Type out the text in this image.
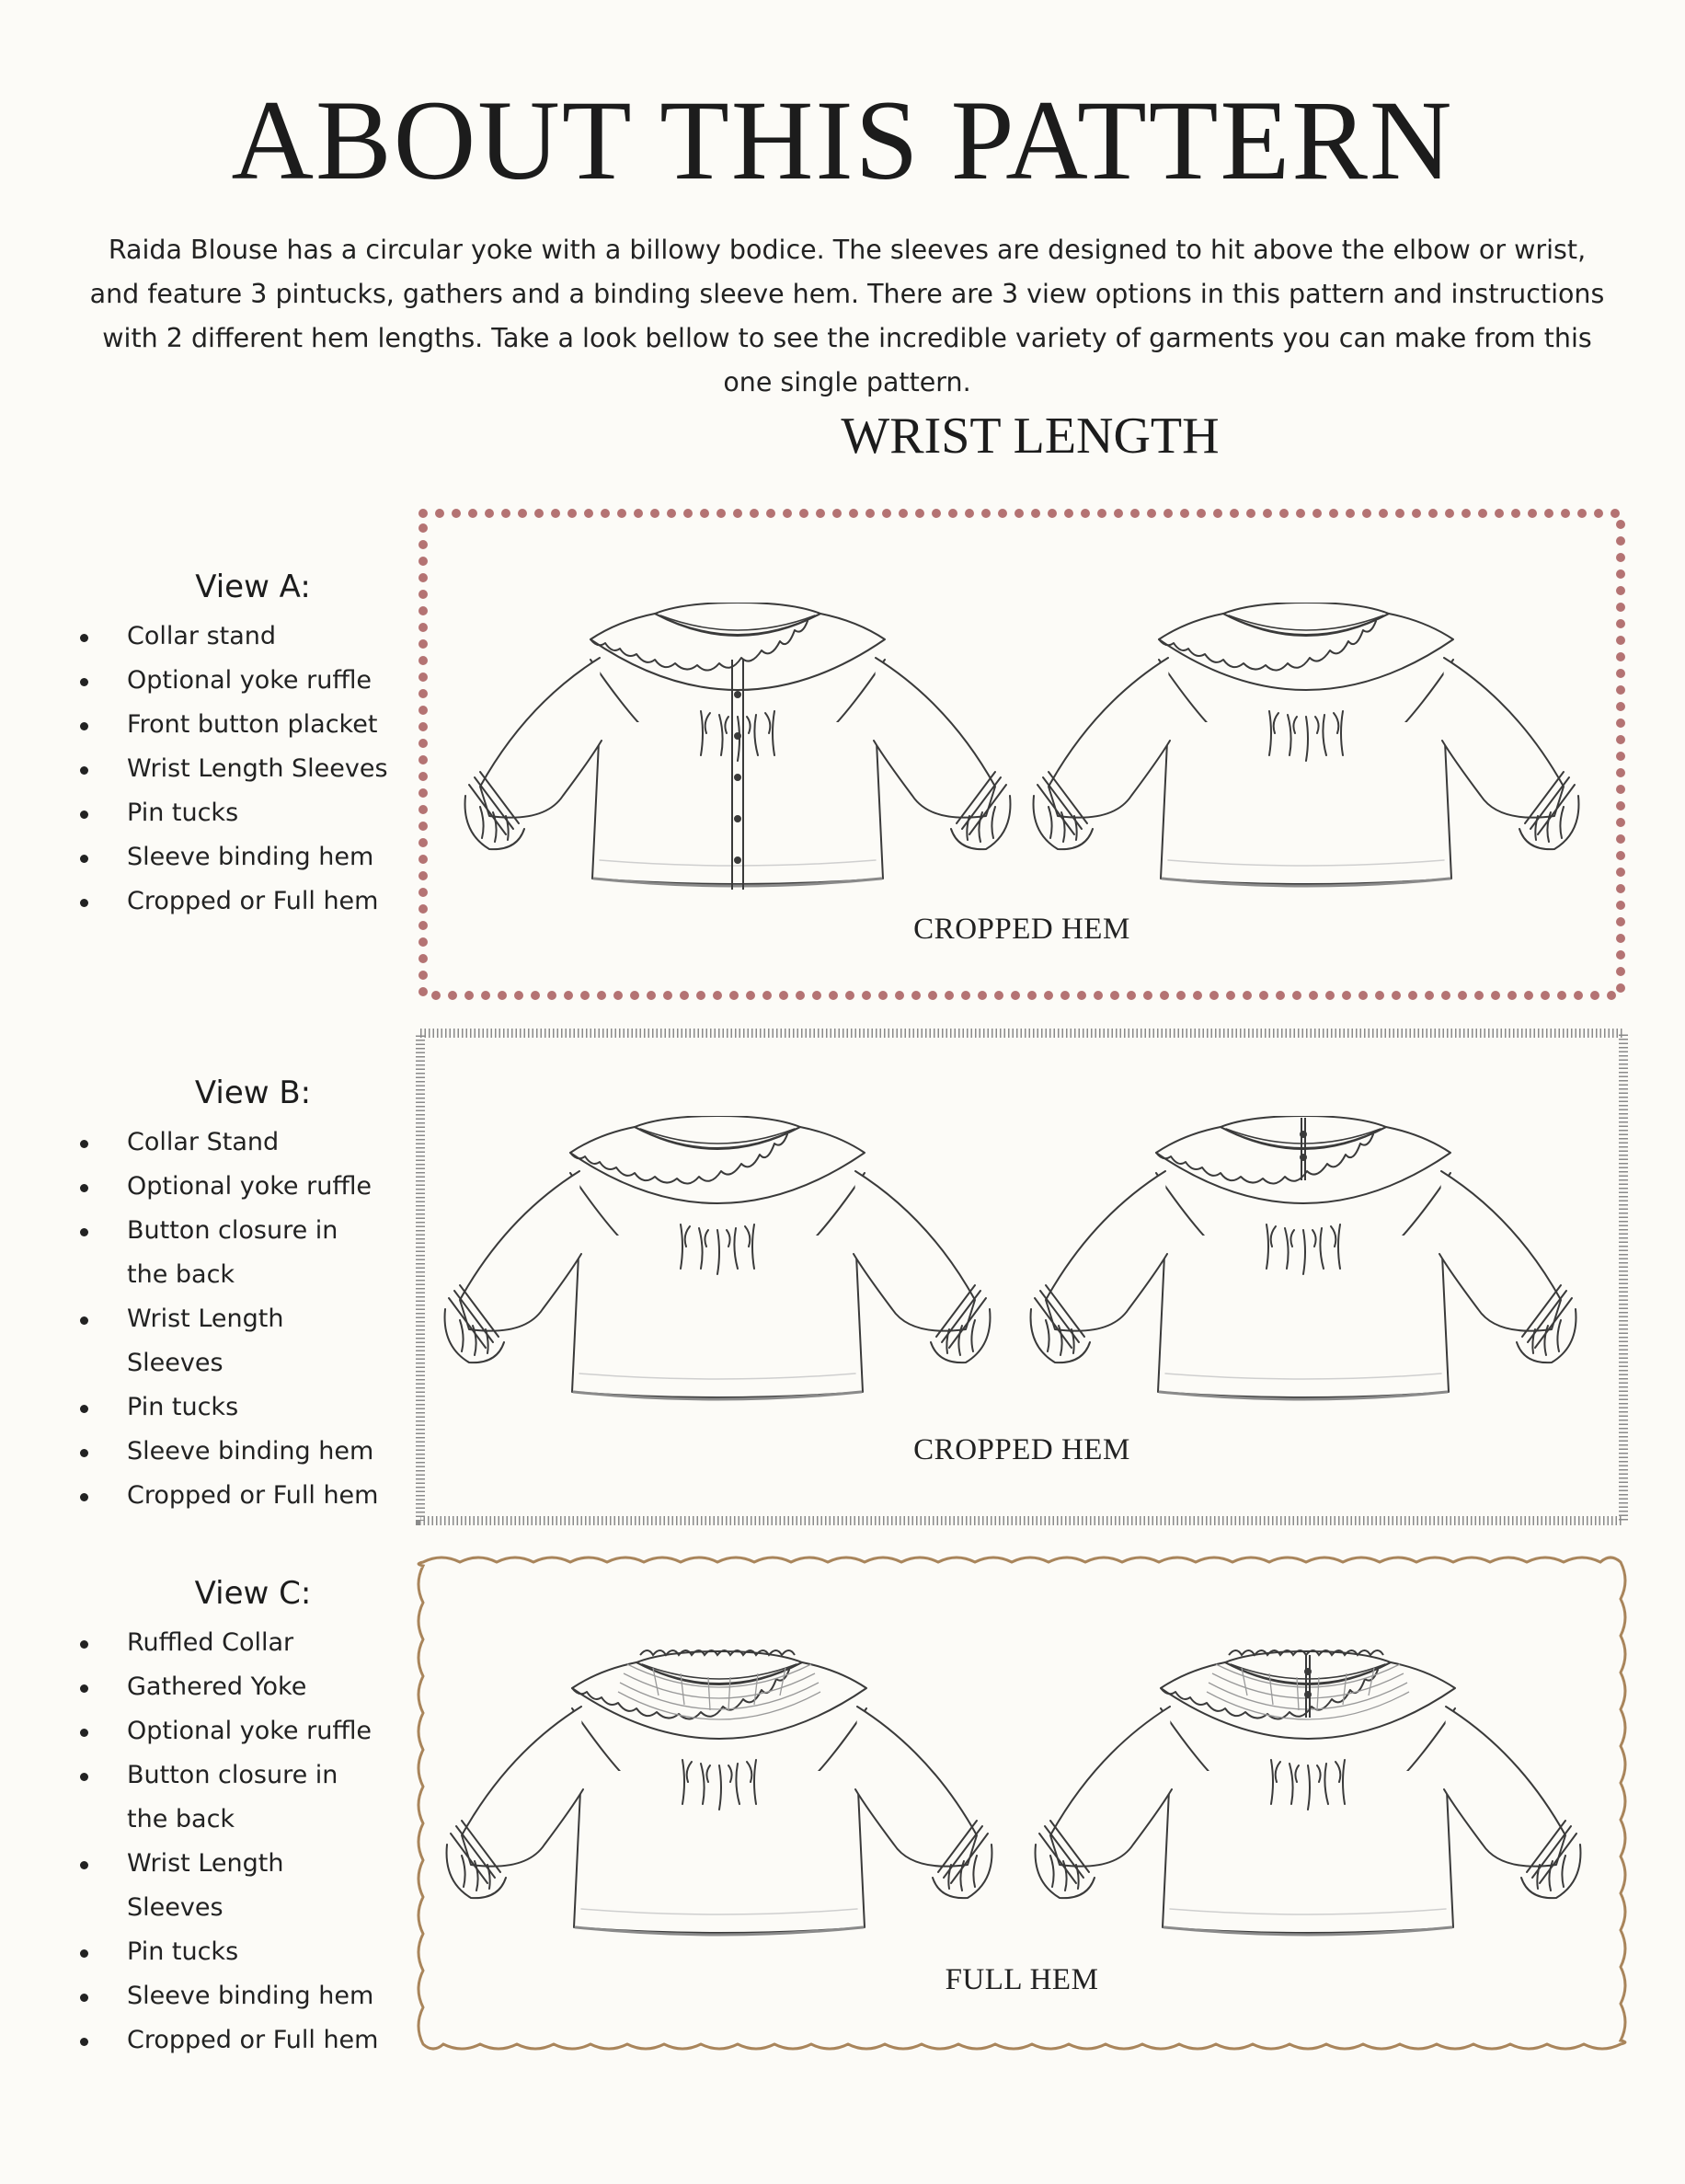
ABOUT THIS PATTERN

Raida Blouse has a circular yoke with a billowy bodice. The sleeves are designed to hit above the elbow or wrist, and feature 3 pintucks, gathers and a binding sleeve hem. There are 3 view options in this pattern and instructions with 2 different hem lengths. Take a look bellow to see the incredible variety of garments you can make from this one single pattern.

WRIST LENGTH
View A:
Collar stand
Optional yoke ruffle
Front button placket
Wrist Length Sleeves
Pin tucks
Sleeve binding hem
Cropped or Full hem
CROPPED HEM
View B:
Collar Stand
Optional yoke ruffle
Button closure in the back
Wrist Length Sleeves
Pin tucks
Sleeve binding hem
Cropped or Full hem
CROPPED HEM
View C:
Ruffled Collar
Gathered Yoke
Optional yoke ruffle
Button closure in the back
Wrist Length Sleeves
Pin tucks
Sleeve binding hem
Cropped or Full hem
FULL HEM
